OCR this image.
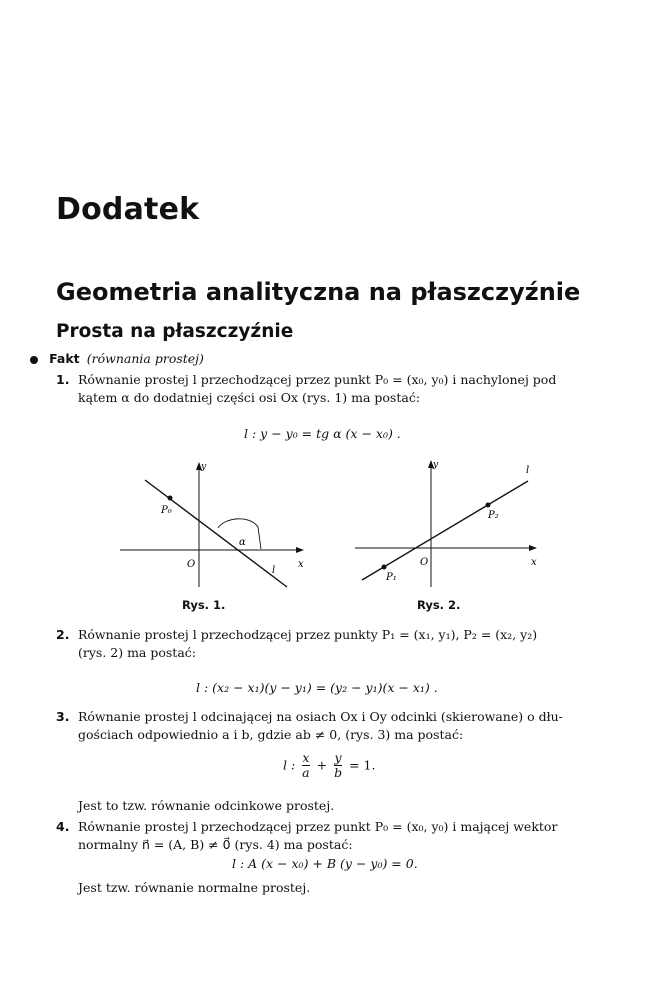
Dodatek
Geometria analityczna na płaszczyźnie
Prosta na płaszczyźnie
Fakt (równania prostej)
1. Równanie prostej l przechodzącej przez punkt P₀ = (x₀, y₀) i nachylonej pod
kątem α do dodatniej części osi Ox (rys. 1) ma postać:
l : y − y₀ = tg α (x − x₀) .
y
x
O
l
P₀
α
Rys. 1.
y
x
O
l
P₁
P₂
Rys. 2.
2. Równanie prostej l przechodzącej przez punkty P₁ = (x₁, y₁), P₂ = (x₂, y₂)
(rys. 2) ma postać:
l : (x₂ − x₁)(y − y₁) = (y₂ − y₁)(x − x₁) .
3. Równanie prostej l odcinającej na osiach Ox i Oy odcinki (skierowane) o dłu-
gościach odpowiednio a i b, gdzie ab ≠ 0, (rys. 3) ma postać:
l : $\frac{x}{a} + \frac{y}{b} = 1$.
Jest to tzw. równanie odcinkowe prostej.
4. Równanie prostej l przechodzącej przez punkt P₀ = (x₀, y₀) i mającej wektor
normalny n⃗ = (A, B) ≠ 0⃗ (rys. 4) ma postać:
l : A (x − x₀) + B (y − y₀) = 0.
Jest tzw. równanie normalne prostej.
